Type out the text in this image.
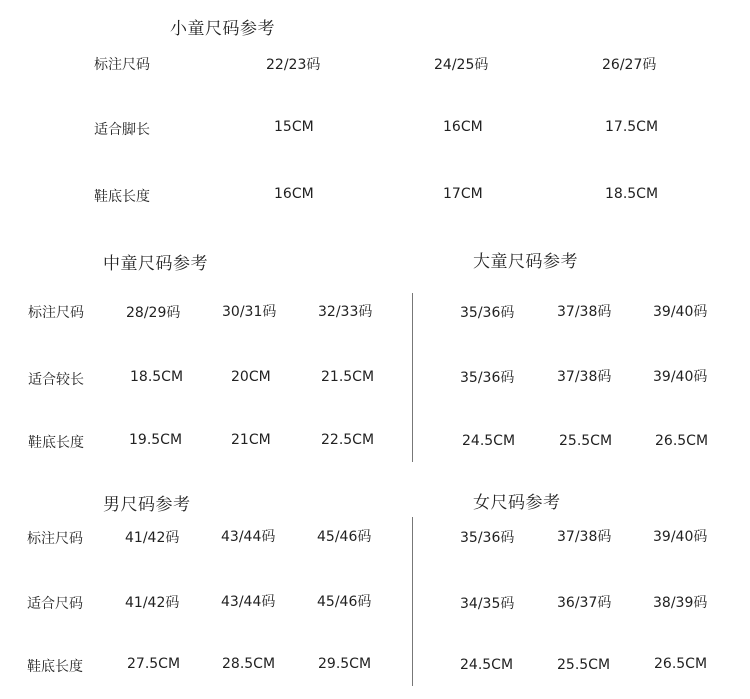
小童尺码参考
标注尺码	22/23码	24/25码	26/27码
适合脚长	15CM	16CM	17.5CM
鞋底长度	16CM	17CM	18.5CM
中童尺码参考
标注尺码	28/29码	30/31码	32/33码
适合较长	18.5CM	20CM	21.5CM
鞋底长度	19.5CM	21CM	22.5CM
大童尺码参考
35/36码	37/38码	39/40码
35/36码	37/38码	39/40码
24.5CM	25.5CM	26.5CM
男尺码参考
标注尺码	41/42码	43/44码	45/46码
适合尺码	41/42码	43/44码	45/46码
鞋底长度	27.5CM	28.5CM	29.5CM
女尺码参考
35/36码	37/38码	39/40码
34/35码	36/37码	38/39码
24.5CM	25.5CM	26.5CM
